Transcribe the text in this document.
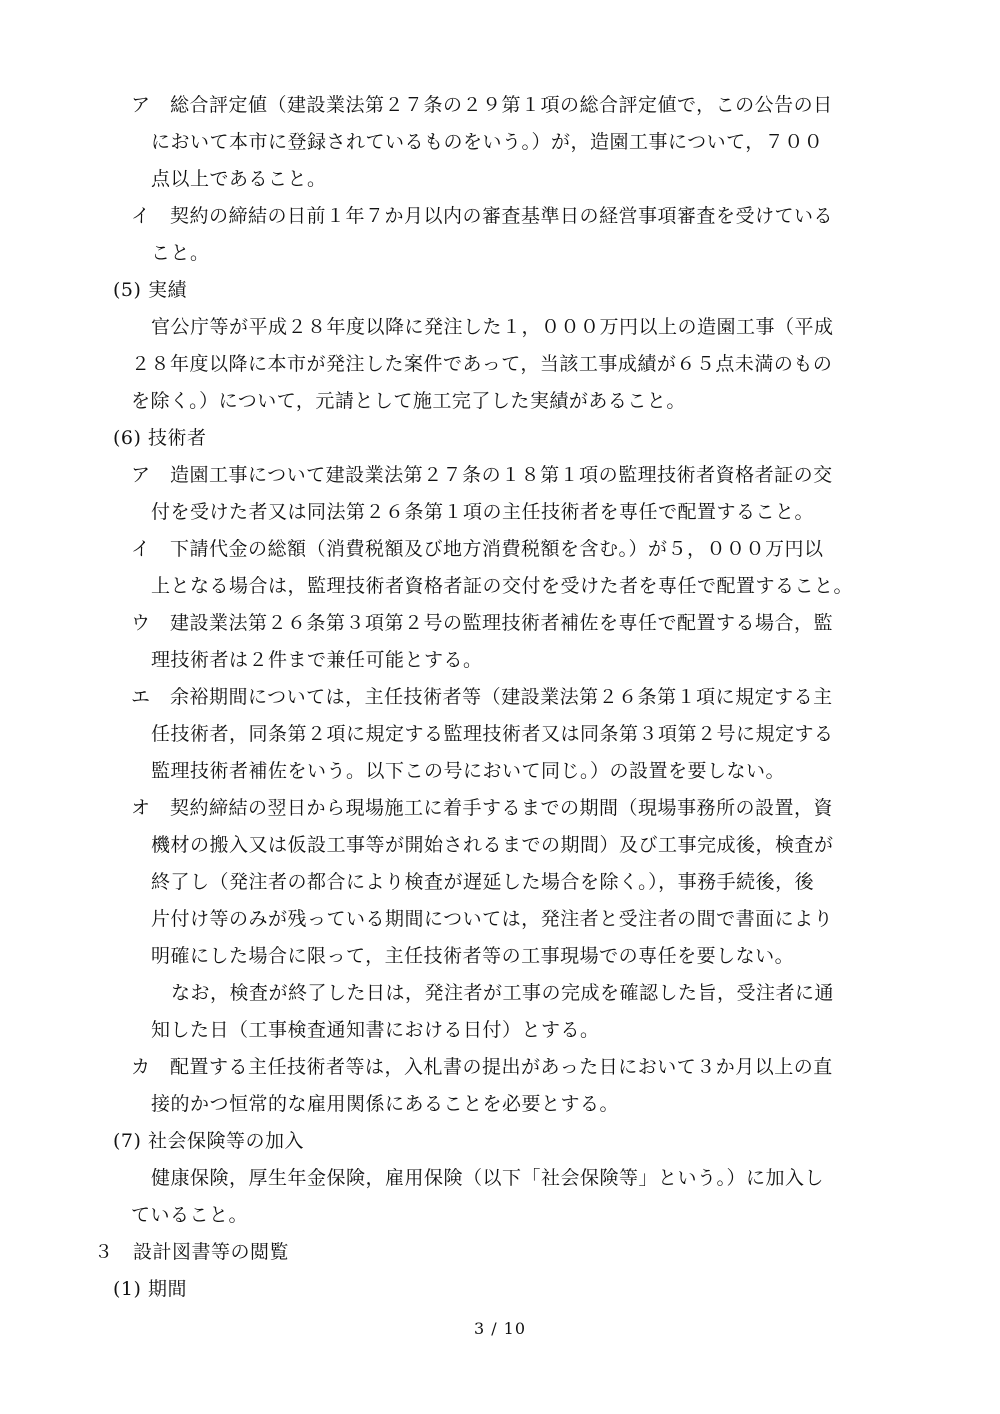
ア　総合評定値（建設業法第２７条の２９第１項の総合評定値で，この公告の日
において本市に登録されているものをいう。）が，造園工事について，７００
点以上であること。
イ　契約の締結の日前１年７か月以内の審査基準日の経営事項審査を受けている
こと。
(5) 実績
官公庁等が平成２８年度以降に発注した１，０００万円以上の造園工事（平成
２８年度以降に本市が発注した案件であって，当該工事成績が６５点未満のもの
を除く。）について，元請として施工完了した実績があること。
(6) 技術者
ア　造園工事について建設業法第２７条の１８第１項の監理技術者資格者証の交
付を受けた者又は同法第２６条第１項の主任技術者を専任で配置すること。
イ　下請代金の総額（消費税額及び地方消費税額を含む。）が５，０００万円以
上となる場合は，監理技術者資格者証の交付を受けた者を専任で配置すること。
ウ　建設業法第２６条第３項第２号の監理技術者補佐を専任で配置する場合，監
理技術者は２件まで兼任可能とする。
エ　余裕期間については，主任技術者等（建設業法第２６条第１項に規定する主
任技術者，同条第２項に規定する監理技術者又は同条第３項第２号に規定する
監理技術者補佐をいう。以下この号において同じ。）の設置を要しない。
オ　契約締結の翌日から現場施工に着手するまでの期間（現場事務所の設置，資
機材の搬入又は仮設工事等が開始されるまでの期間）及び工事完成後，検査が
終了し（発注者の都合により検査が遅延した場合を除く。），事務手続後，後
片付け等のみが残っている期間については，発注者と受注者の間で書面により
明確にした場合に限って，主任技術者等の工事現場での専任を要しない。
なお，検査が終了した日は，発注者が工事の完成を確認した旨，受注者に通
知した日（工事検査通知書における日付）とする。
カ　配置する主任技術者等は，入札書の提出があった日において３か月以上の直
接的かつ恒常的な雇用関係にあることを必要とする。
(7) 社会保険等の加入
健康保険，厚生年金保険，雇用保険（以下「社会保険等」という。）に加入し
ていること。
３　設計図書等の閲覧
(1) 期間
3 / 10
